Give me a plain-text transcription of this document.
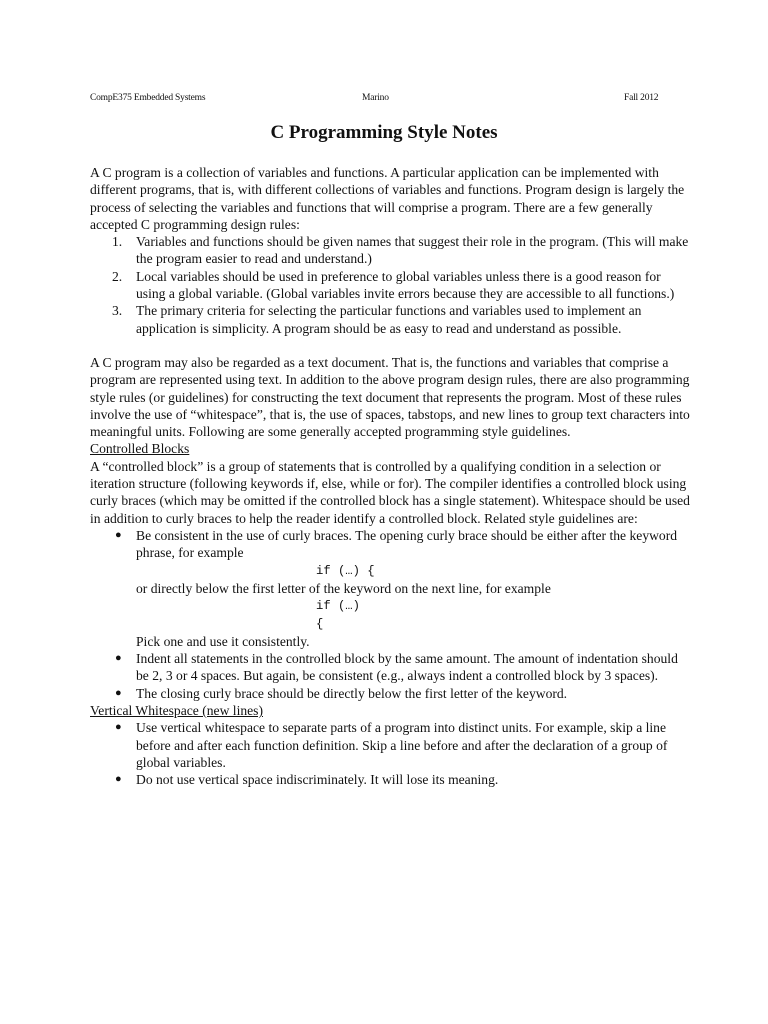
CompE375 Embedded Systems	Marino	Fall 2012
C Programming Style Notes

A C program is a collection of variables and functions. A particular application can be implemented with different programs, that is, with different collections of variables and functions. Program design is largely the process of selecting the variables and functions that will comprise a program. There are a few generally accepted C programming design rules:

1. Variables and functions should be given names that suggest their role in the program. (This will make the program easier to read and understand.)
2. Local variables should be used in preference to global variables unless there is a good reason for using a global variable. (Global variables invite errors because they are accessible to all functions.)
3. The primary criteria for selecting the particular functions and variables used to implement an application is simplicity. A program should be as easy to read and understand as possible.

A C program may also be regarded as a text document. That is, the functions and variables that comprise a program are represented using text. In addition to the above program design rules, there are also programming style rules (or guidelines) for constructing the text document that represents the program. Most of these rules involve the use of “whitespace”, that is, the use of spaces, tabstops, and new lines to group text characters into meaningful units. Following are some generally accepted programming style guidelines.

Controlled Blocks

A “controlled block” is a group of statements that is controlled by a qualifying condition in a selection or iteration structure (following keywords if, else, while or for). The compiler identifies a controlled block using curly braces (which may be omitted if the controlled block has a single statement). Whitespace should be used in addition to curly braces to help the reader identify a controlled block. Related style guidelines are:

● Be consistent in the use of curly braces. The opening curly brace should be either after the keyword phrase, for example
if (…) {
or directly below the first letter of the keyword on the next line, for example
if (…)
{
Pick one and use it consistently.
● Indent all statements in the controlled block by the same amount. The amount of indentation should be 2, 3 or 4 spaces. But again, be consistent (e.g., always indent a controlled block by 3 spaces).
● The closing curly brace should be directly below the first letter of the keyword.

Vertical Whitespace (new lines)

● Use vertical whitespace to separate parts of a program into distinct units. For example, skip a line before and after each function definition. Skip a line before and after the declaration of a group of global variables.
● Do not use vertical space indiscriminately. It will lose its meaning.
